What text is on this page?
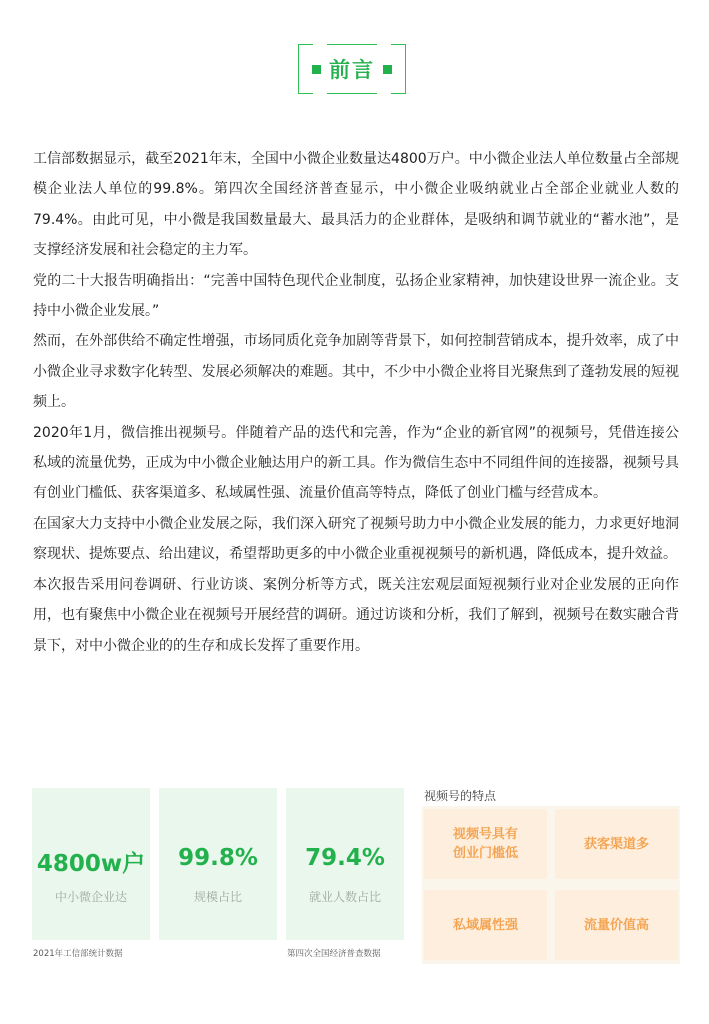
前言

工信部数据显示，截至2021年末，全国中小微企业数量达4800万户。中小微企业法人单位数量占全部规模企业法人单位的99.8%。第四次全国经济普查显示，中小微企业吸纳就业占全部企业就业人数的79.4%。由此可见，中小微是我国数量最大、最具活力的企业群体，是吸纳和调节就业的“蓄水池”，是支撑经济发展和社会稳定的主力军。

党的二十大报告明确指出：“完善中国特色现代企业制度，弘扬企业家精神，加快建设世界一流企业。支持中小微企业发展。”

然而，在外部供给不确定性增强，市场同质化竞争加剧等背景下，如何控制营销成本，提升效率，成了中小微企业寻求数字化转型、发展必须解决的难题。其中，不少中小微企业将目光聚焦到了蓬勃发展的短视频上。

2020年1月，微信推出视频号。伴随着产品的迭代和完善，作为“企业的新官网”的视频号，凭借连接公私域的流量优势，正成为中小微企业触达用户的新工具。作为微信生态中不同组件间的连接器，视频号具有创业门槛低、获客渠道多、私域属性强、流量价值高等特点，降低了创业门槛与经营成本。

在国家大力支持中小微企业发展之际，我们深入研究了视频号助力中小微企业发展的能力，力求更好地洞察现状、提炼要点、给出建议，希望帮助更多的中小微企业重视视频号的新机遇，降低成本，提升效益。

本次报告采用问卷调研、行业访谈、案例分析等方式，既关注宏观层面短视频行业对企业发展的正向作用，也有聚焦中小微企业在视频号开展经营的调研。通过访谈和分析，我们了解到，视频号在数实融合背景下，对中小微企业的的生存和成长发挥了重要作用。

4800w户
中小微企业达
99.8%
规模占比
79.4%
就业人数占比
2021年工信部统计数据	第四次全国经济普查数据
视频号的特点
视频号具有
创业门槛低
获客渠道多
私域属性强	流量价值高
